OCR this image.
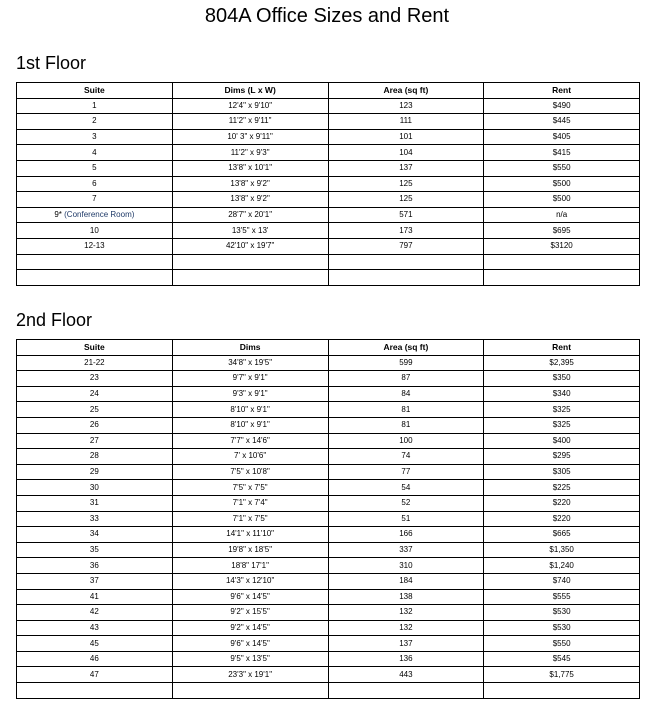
804A Office Sizes and Rent
1st Floor
Suite	Dims (L x W)	Area (sq ft)	Rent
1	12'4" x 9'10"	123	$490
2	11'2" x 9'11"	111	$445
3	10' 3" x 9'11"	101	$405
4	11'2" x 9'3"	104	$415
5	13'8" x 10'1"	137	$550
6	13'8" x 9'2"	125	$500
7	13'8" x 9'2"	125	$500
9* (Conference Room)	28'7" x 20'1"	571	n/a
10	13'5" x 13'	173	$695
12-13	42'10" x 19'7"	797	$3120

2nd Floor
Suite	Dims	Area (sq ft)	Rent
21-22	34'8" x 19'5"	599	$2,395
23	9'7" x 9'1"	87	$350
24	9'3" x 9'1"	84	$340
25	8'10" x 9'1"	81	$325
26	8'10" x 9'1"	81	$325
27	7'7" x 14'6"	100	$400
28	7' x 10'6"	74	$295
29	7'5" x 10'8"	77	$305
30	7'5" x 7'5"	54	$225
31	7'1" x 7'4"	52	$220
33	7'1" x 7'5"	51	$220
34	14'1" x 11'10"	166	$665
35	19'8" x 18'5"	337	$1,350
36	18'8" 17'1"	310	$1,240
37	14'3" x 12'10"	184	$740
41	9'6" x 14'5"	138	$555
42	9'2" x 15'5"	132	$530
43	9'2" x 14'5"	132	$530
45	9'6" x 14'5"	137	$550
46	9'5" x 13'5"	136	$545
47	23'3" x 19'1"	443	$1,775
